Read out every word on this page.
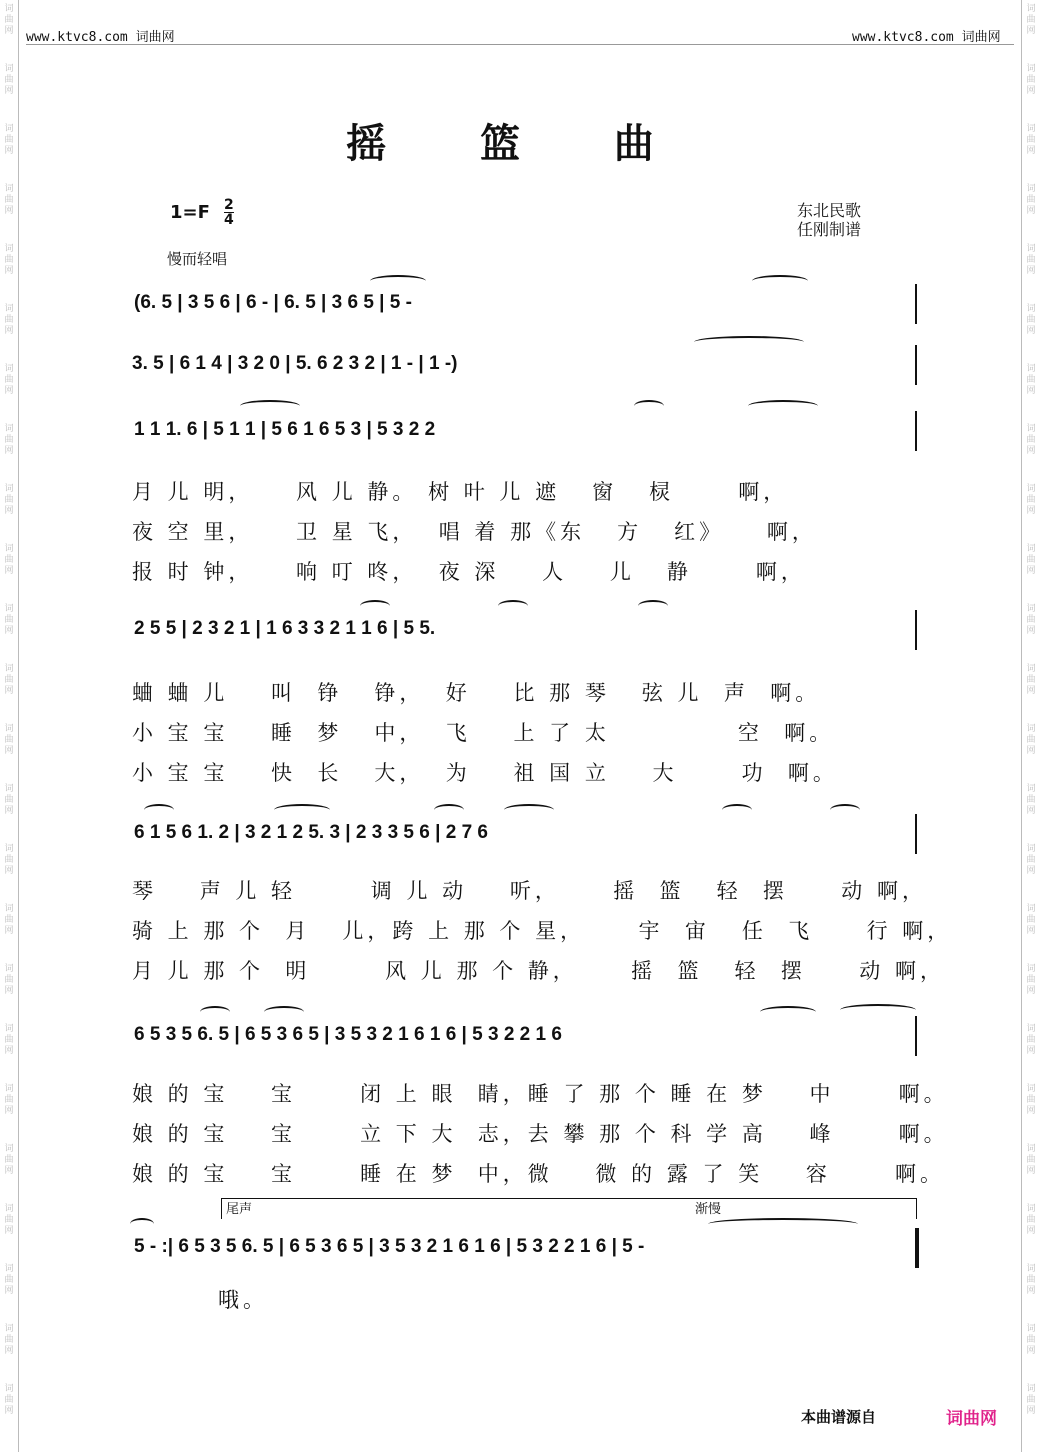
词
曲
网
词
曲
网
词
曲
网
词
曲
网
词
曲
网
词
曲
网
词
曲
网
词
曲
网
词
曲
网
词
曲
网
词
曲
网
词
曲
网
词
曲
网
词
曲
网
词
曲
网
词
曲
网
词
曲
网
词
曲
网
词
曲
网
词
曲
网
词
曲
网
词
曲
网
词
曲
网
词
曲
网
词
曲
网
词
曲
网
词
曲
网
词
曲
网
词
曲
网
词
曲
网
词
曲
网
词
曲
网
词
曲
网
词
曲
网
词
曲
网
词
曲
网
词
曲
网
词
曲
网
词
曲
网
词
曲
网
词
曲
网
词
曲
网
词
曲
网
词
曲
网
词
曲
网
词
曲
网
词
曲
网
词
曲
网
www.ktvc8.com 词曲网	www.ktvc8.com 词曲网
摇 篮 曲
1=F 2
4	东北民歌
任刚制谱
慢而轻唱
(6. 5 | 3 5 6 | 6 - | 6. 5 | 3 6 5 | 5 -
3. 5 | 6 1 4 | 3 2 0 | 5. 6 2 3 2 | 1 - | 1 -)
1 1 1. 6 | 5 1 1 | 5 6 1 6 5 3 | 5 3 2 2
2 5 5 | 2 3 2 1 | 1 6 3 3 2 1 1 6 | 5 5.
6 1 5 6 1. 2 | 3 2 1 2 5. 3 | 2 3 3 5 6 | 2 7 6
6 5 3 5 6. 5 | 6 5 3 6 5 | 3 5 3 2 1 6 1 6 | 5 3 2 2 1 6
5 - :| 6 5 3 5 6. 5 | 6 5 3 6 5 | 3 5 3 2 1 6 1 6 | 5 3 2 2 1 6 | 5 -
月 儿 明，    风 儿 静。 树 叶 儿 遮   窗   棂      啊，
夜 空 里，    卫 星 飞，  唱 着 那《东   方   红》    啊，
报 时 钟，    响 叮 咚，  夜 深    人    儿   静      啊，
蛐 蛐 儿    叫  铮   铮，  好    比 那 琴   弦 儿  声  啊。
小 宝 宝    睡  梦   中，  飞    上 了 太            空  啊。
小 宝 宝    快  长   大，  为    祖 国 立    大      功  啊。
琴    声 儿 轻       调 儿 动    听，     摇  篮   轻  摆     动 啊，
骑 上 那 个  月   儿，跨 上 那 个 星，     宇  宙   任  飞     行 啊，
月 儿 那 个  明       风 儿 那 个 静，     摇  篮   轻  摆     动 啊，
娘 的 宝    宝      闭 上 眼  睛，睡 了 那 个 睡 在 梦    中      啊。
娘 的 宝    宝      立 下 大  志，去 攀 那 个 科 学 高    峰      啊。
娘 的 宝    宝      睡 在 梦  中，微    微 的 露 了 笑    容      啊。
尾声	渐慢
哦。
本曲谱源自	词曲网
